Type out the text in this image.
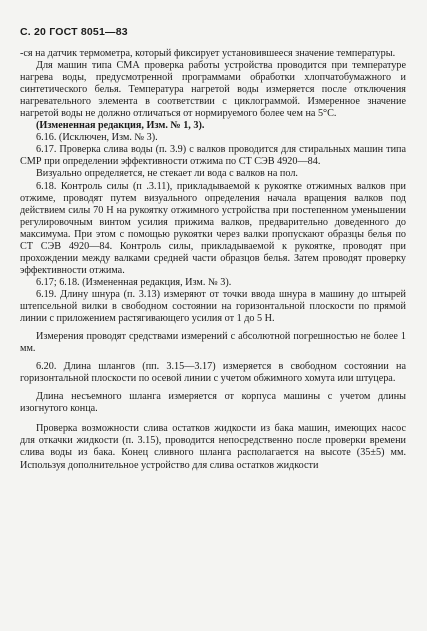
С. 20 ГОСТ 8051—83

-ся на датчик термометра, который фиксирует установившееся значение температуры.

Для машин типа СМА проверка работы устройства проводится при температуре нагрева воды, предусмотренной программами обработки хлопчатобумажного и синтетического белья. Температура нагретой воды измеряется после отключения нагревательного элемента в соответствии с циклограммой. Измеренное значение нагретой воды не должно отличаться от нормируемого более чем на 5°C.

(Измененная редакция, Изм. № 1, 3).

6.16. (Исключен, Изм. № 3).

6.17. Проверка слива воды (п. 3.9) с валков проводится для стиральных машин типа СМР при определении эффективности отжима по СТ СЭВ 4920—84.

Визуально определяется, не стекает ли вода с валков на пол.

6.18. Контроль силы (п .3.11), прикладываемой к рукоятке отжимных валков при отжиме, проводят путем визуального определения начала вращения валков под действием силы 70 Н на рукоятку отжимного устройства при постепенном уменьшении регулировочным винтом усилия прижима валков, предварительно доведенного до максимума. При этом с помощью рукоятки через валки пропускают образцы белья по СТ СЭВ 4920—84. Контроль силы, прикладываемой к рукоятке, проводят при прохождении между валками средней части образцов белья. Затем проводят проверку эффективности отжима.

6.17; 6.18. (Измененная редакция, Изм. № 3).

6.19. Длину шнура (п. 3.13) измеряют от точки ввода шнура в машину до штырей штепсельной вилки в свободном состоянии на горизонтальной плоскости по прямой линии с приложением растягивающего усилия от 1 до 5 Н.

Измерения проводят средствами измерений с абсолютной погрешностью не более 1 мм.

6.20. Длина шлангов (пп. 3.15—3.17) измеряется в свободном состоянии на горизонтальной плоскости по осевой линии с учетом обжимного хомута или штуцера.

Длина несъемного шланга измеряется от корпуса машины с учетом длины изогнутого конца.

Проверка возможности слива остатков жидкости из бака машин, имеющих насос для откачки жидкости (п. 3.15), проводится непосредственно после проверки времени слива воды из бака. Конец сливного шланга располагается на высоте (35±5) мм. Используя дополнительное устройство для слива остатков жидкости
